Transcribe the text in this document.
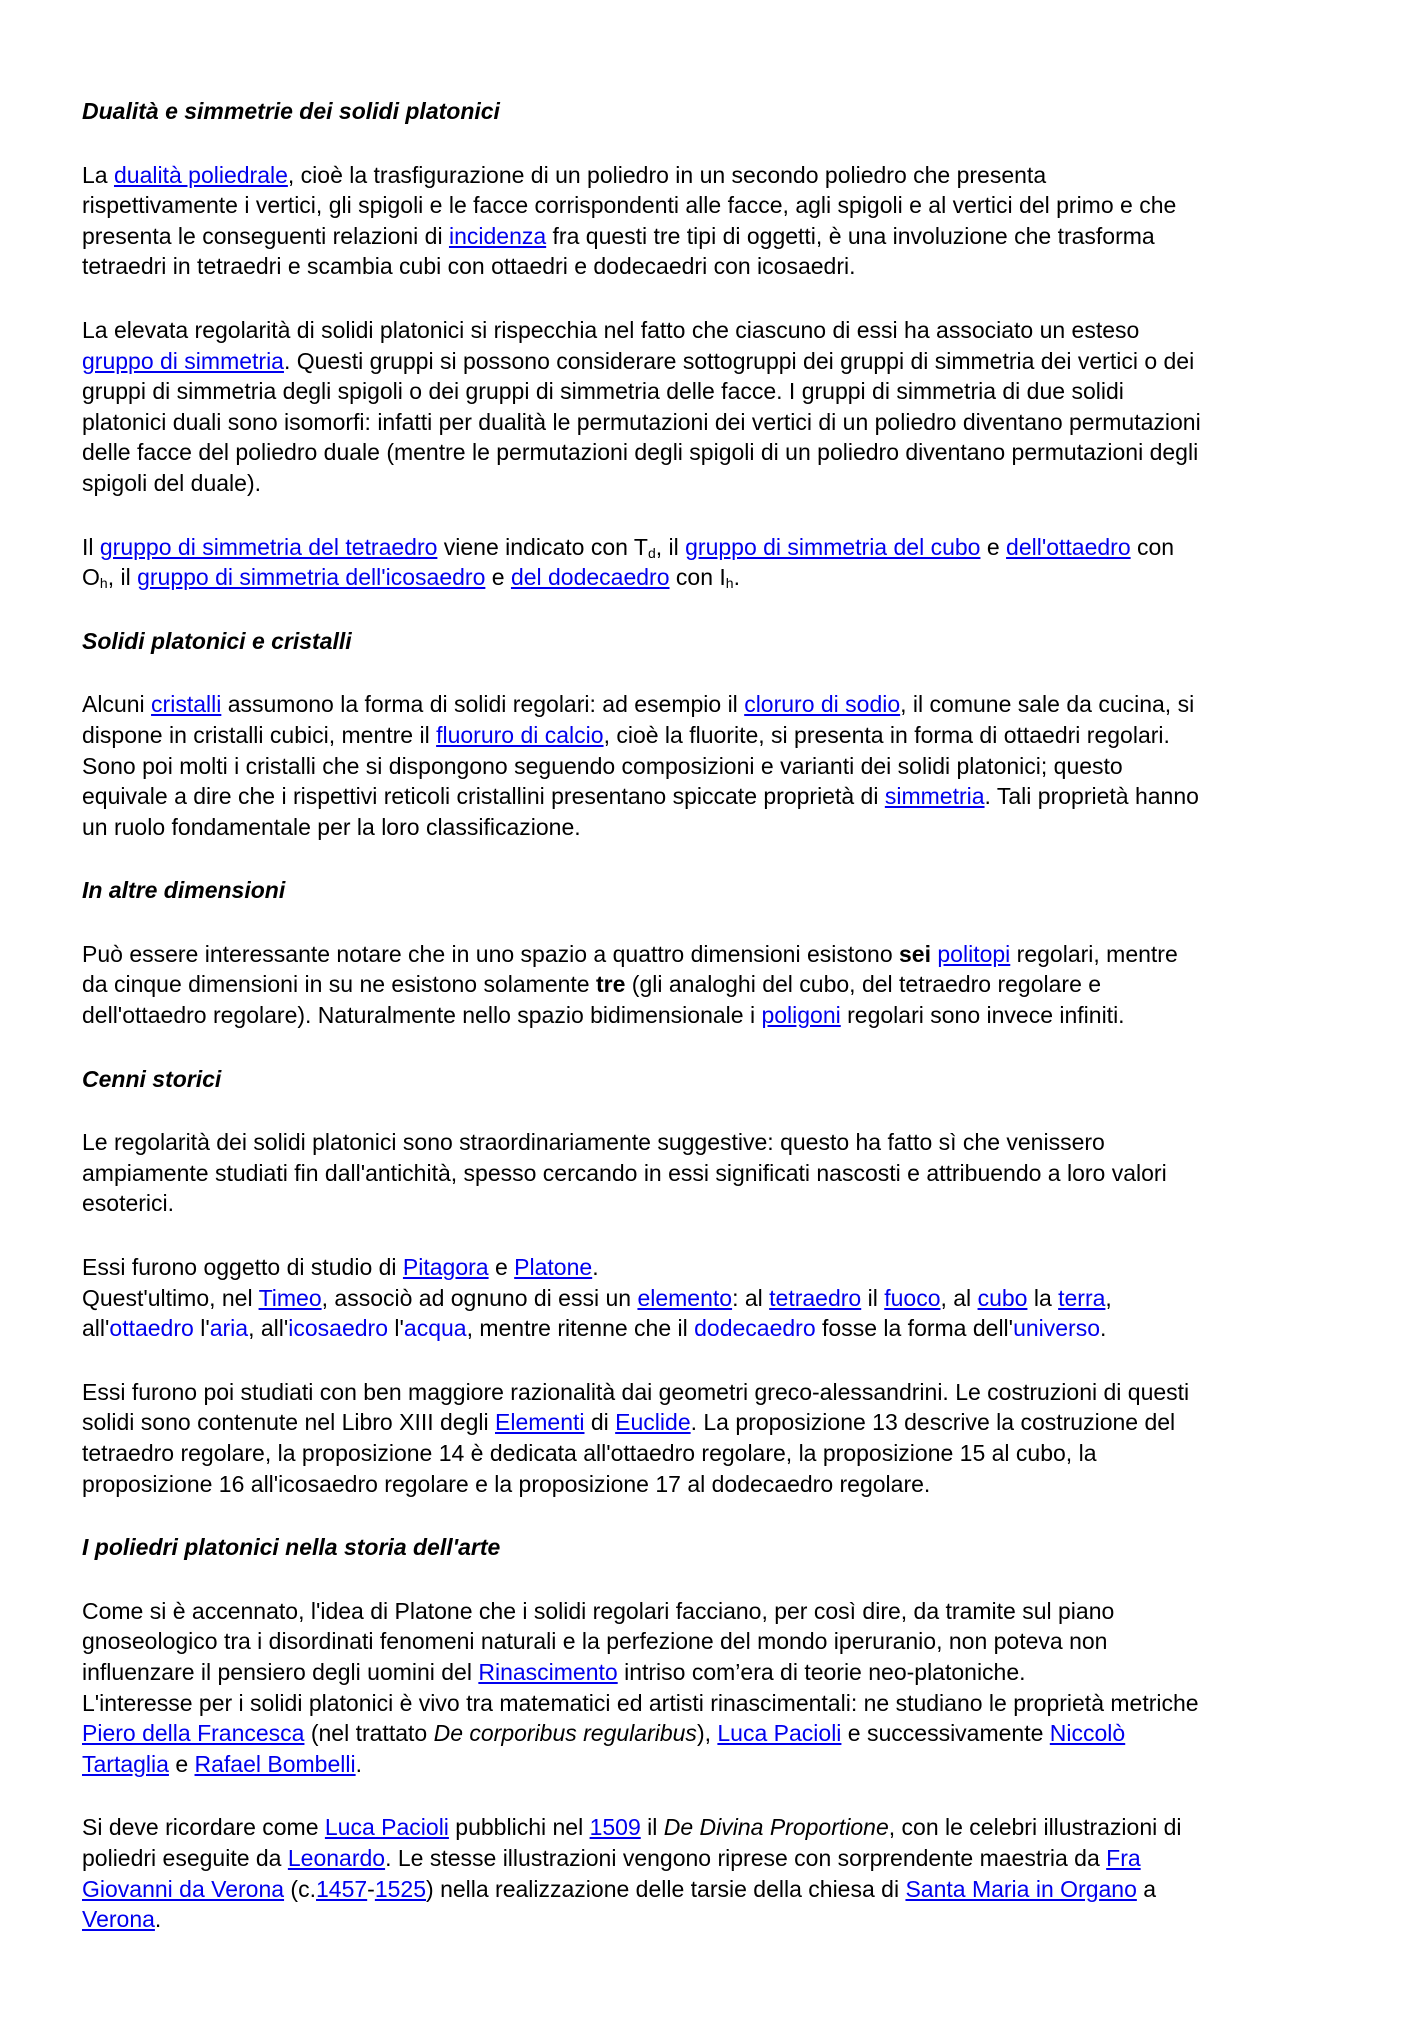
Dualità e simmetrie dei solidi platonici

La dualità poliedrale, cioè la trasfigurazione di un poliedro in un secondo poliedro che presenta
rispettivamente i vertici, gli spigoli e le facce corrispondenti alle facce, agli spigoli e al vertici del primo e che
presenta le conseguenti relazioni di incidenza fra questi tre tipi di oggetti, è una involuzione che trasforma
tetraedri in tetraedri e scambia cubi con ottaedri e dodecaedri con icosaedri.

La elevata regolarità di solidi platonici si rispecchia nel fatto che ciascuno di essi ha associato un esteso
gruppo di simmetria. Questi gruppi si possono considerare sottogruppi dei gruppi di simmetria dei vertici o dei
gruppi di simmetria degli spigoli o dei gruppi di simmetria delle facce. I gruppi di simmetria di due solidi
platonici duali sono isomorfi: infatti per dualità le permutazioni dei vertici di un poliedro diventano permutazioni
delle facce del poliedro duale (mentre le permutazioni degli spigoli di un poliedro diventano permutazioni degli
spigoli del duale).

Il gruppo di simmetria del tetraedro viene indicato con $T_d$, il gruppo di simmetria del cubo e dell'ottaedro con
$O_h$, il gruppo di simmetria dell'icosaedro e del dodecaedro con $I_h$.

Solidi platonici e cristalli

Alcuni cristalli assumono la forma di solidi regolari: ad esempio il cloruro di sodio, il comune sale da cucina, si
dispone in cristalli cubici, mentre il fluoruro di calcio, cioè la fluorite, si presenta in forma di ottaedri regolari.
Sono poi molti i cristalli che si dispongono seguendo composizioni e varianti dei solidi platonici; questo
equivale a dire che i rispettivi reticoli cristallini presentano spiccate proprietà di simmetria. Tali proprietà hanno
un ruolo fondamentale per la loro classificazione.

In altre dimensioni

Può essere interessante notare che in uno spazio a quattro dimensioni esistono sei politopi regolari, mentre
da cinque dimensioni in su ne esistono solamente tre (gli analoghi del cubo, del tetraedro regolare e
dell'ottaedro regolare). Naturalmente nello spazio bidimensionale i poligoni regolari sono invece infiniti.

Cenni storici

Le regolarità dei solidi platonici sono straordinariamente suggestive: questo ha fatto sì che venissero
ampiamente studiati fin dall'antichità, spesso cercando in essi significati nascosti e attribuendo a loro valori
esoterici.

Essi furono oggetto di studio di Pitagora e Platone.
Quest'ultimo, nel Timeo, associò ad ognuno di essi un elemento: al tetraedro il fuoco, al cubo la terra,
all'ottaedro l'aria, all'icosaedro l'acqua, mentre ritenne che il dodecaedro fosse la forma dell'universo.

Essi furono poi studiati con ben maggiore razionalità dai geometri greco-alessandrini. Le costruzioni di questi
solidi sono contenute nel Libro XIII degli Elementi di Euclide. La proposizione 13 descrive la costruzione del
tetraedro regolare, la proposizione 14 è dedicata all'ottaedro regolare, la proposizione 15 al cubo, la
proposizione 16 all'icosaedro regolare e la proposizione 17 al dodecaedro regolare.

I poliedri platonici nella storia dell'arte

Come si è accennato, l'idea di Platone che i solidi regolari facciano, per così dire, da tramite sul piano
gnoseologico tra i disordinati fenomeni naturali e la perfezione del mondo iperuranio, non poteva non
influenzare il pensiero degli uomini del Rinascimento intriso com’era di teorie neo-platoniche.
L'interesse per i solidi platonici è vivo tra matematici ed artisti rinascimentali: ne studiano le proprietà metriche
Piero della Francesca (nel trattato De corporibus regularibus), Luca Pacioli e successivamente Niccolò
Tartaglia e Rafael Bombelli.

Si deve ricordare come Luca Pacioli pubblichi nel 1509 il De Divina Proportione, con le celebri illustrazioni di
poliedri eseguite da Leonardo. Le stesse illustrazioni vengono riprese con sorprendente maestria da Fra
Giovanni da Verona (c.1457-1525) nella realizzazione delle tarsie della chiesa di Santa Maria in Organo a
Verona.
